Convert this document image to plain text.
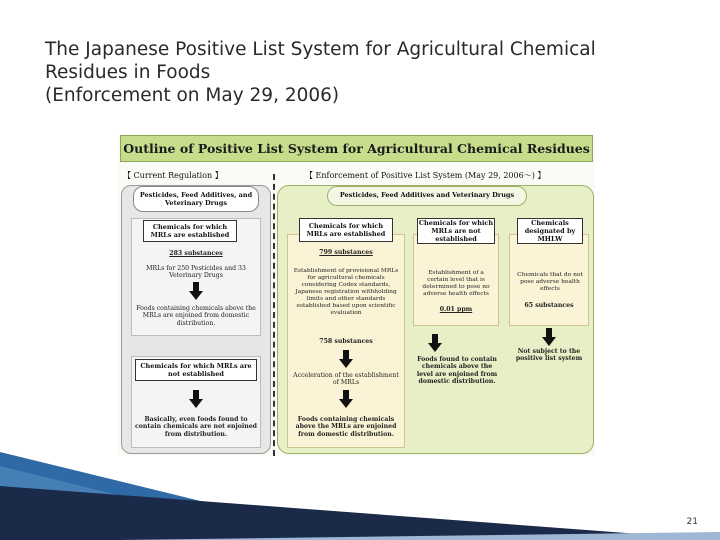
The Japanese Positive List System for Agricultural Chemical
Residues in Foods
(Enforcement on May 29, 2006)
Outline of Positive List System for Agricultural Chemical Residues
【 Current Regulation 】	【 Enforcement of Positive List System (May 29, 2006～) 】
Pesticides, Feed Additives, and Veterinary Drugs
Chemicals for which MRLs are established
283 substances
MRLs for 250 Pesticides and 33 Veterinary Drugs
Foods containing chemicals above the MRLs are enjoined from domestic distribution.
Chemicals for which MRLs are not established
Basically, even foods found to contain chemicals are not enjoined from distribution.
Pesticides, Feed Additives and Veterinary Drugs
Chemicals for which MRLs are established
799 substances
Establishment of provisional MRLs for agricultural chemicals considering Codex standards, Japanese registration withholding limits and other standards established based upon scientific evaluation
758 substances
Acceleration of the establishment of MRLs
Foods containing chemicals above the MRLs are enjoined from domestic distribution.
Chemicals for which MRLs are not established
Establishment of a certain level that is determined to pose no adverse health effects
0.01 ppm
Foods found to contain chemicals above the level are enjoined from domestic distribution.
Chemicals designated by MHLW
Chemicals that do not pose adverse health effects
65 substances
Not subject to the positive list system
21
